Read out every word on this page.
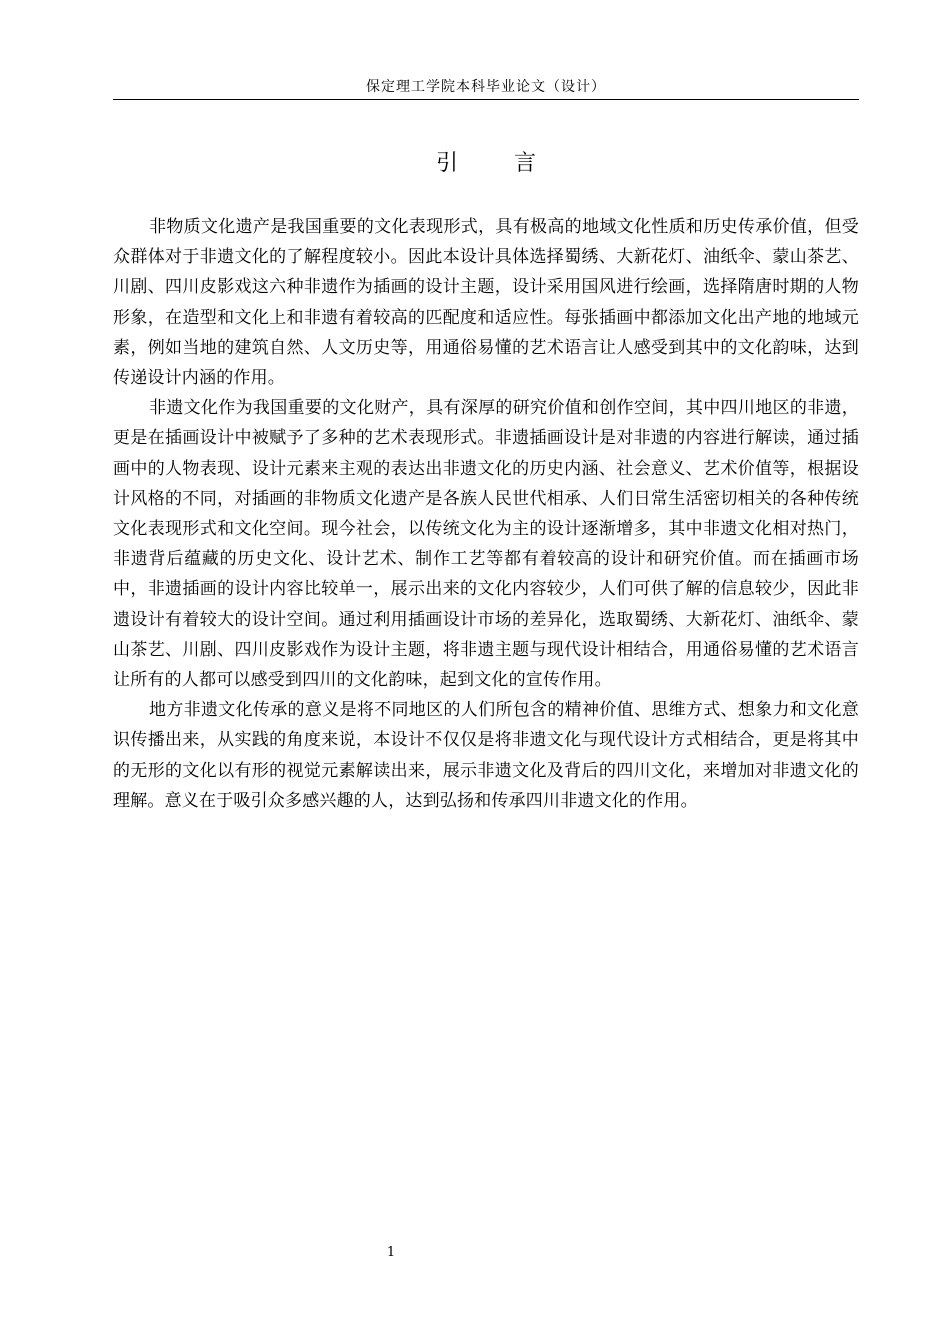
保定理工学院本科毕业论文（设计）
引言

非物质文化遗产是我国重要的文化表现形式，具有极高的地域文化性质和历史传承价值，但受众群体对于非遗文化的了解程度较小。因此本设计具体选择蜀绣、大新花灯、油纸伞、蒙山茶艺、川剧、四川皮影戏这六种非遗作为插画的设计主题，设计采用国风进行绘画，选择隋唐时期的人物形象，在造型和文化上和非遗有着较高的匹配度和适应性。每张插画中都添加文化出产地的地域元素，例如当地的建筑自然、人文历史等，用通俗易懂的艺术语言让人感受到其中的文化韵味，达到传递设计内涵的作用。

非遗文化作为我国重要的文化财产，具有深厚的研究价值和创作空间，其中四川地区的非遗，更是在插画设计中被赋予了多种的艺术表现形式。非遗插画设计是对非遗的内容进行解读，通过插画中的人物表现、设计元素来主观的表达出非遗文化的历史内涵、社会意义、艺术价值等，根据设计风格的不同，对插画的非物质文化遗产是各族人民世代相承、人们日常生活密切相关的各种传统文化表现形式和文化空间。现今社会，以传统文化为主的设计逐渐增多，其中非遗文化相对热门，非遗背后蕴藏的历史文化、设计艺术、制作工艺等都有着较高的设计和研究价值。而在插画市场中，非遗插画的设计内容比较单一，展示出来的文化内容较少，人们可供了解的信息较少，因此非遗设计有着较大的设计空间。通过利用插画设计市场的差异化，选取蜀绣、大新花灯、油纸伞、蒙山茶艺、川剧、四川皮影戏作为设计主题，将非遗主题与现代设计相结合，用通俗易懂的艺术语言让所有的人都可以感受到四川的文化韵味，起到文化的宣传作用。

地方非遗文化传承的意义是将不同地区的人们所包含的精神价值、思维方式、想象力和文化意识传播出来，从实践的角度来说，本设计不仅仅是将非遗文化与现代设计方式相结合，更是将其中的无形的文化以有形的视觉元素解读出来，展示非遗文化及背后的四川文化，来增加对非遗文化的理解。意义在于吸引众多感兴趣的人，达到弘扬和传承四川非遗文化的作用。

1
